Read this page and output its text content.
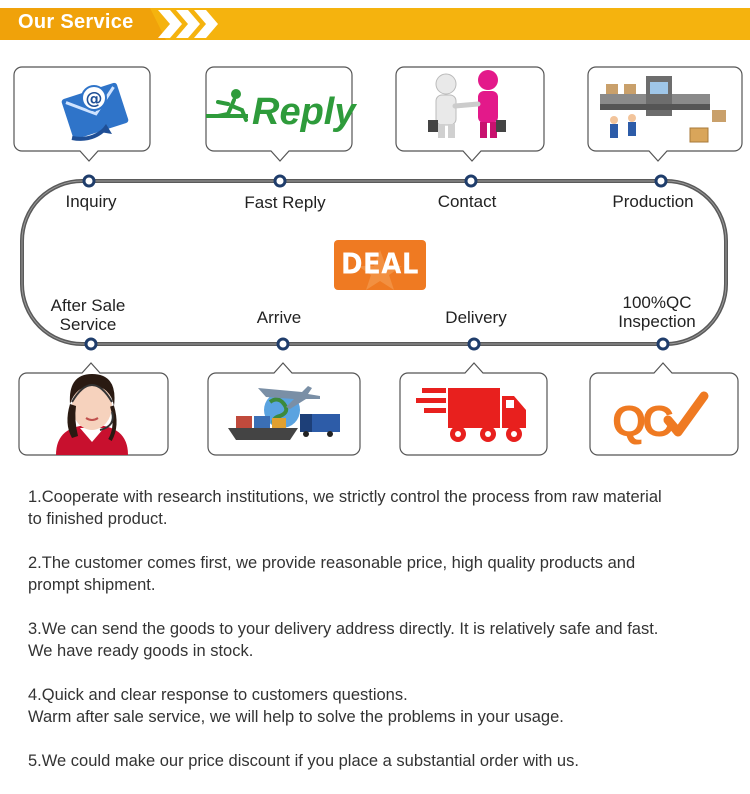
Our Service
@	Reply
QC
Inquiry	Fast Reply	Contact	Production
After Sale
Service	Arrive	Delivery
100%QC
Inspection
DEAL

1.Cooperate with research institutions, we strictly control the process from raw material
to finished product.

2.The customer comes first, we provide reasonable price, high quality products and
prompt shipment.

3.We can send the goods to your delivery address directly. It is relatively safe and fast.
We have ready goods in stock.

4.Quick and clear response to customers questions.
Warm after sale service, we will help to solve the problems in your usage.

5.We could make our price discount if you place a substantial order with us.
